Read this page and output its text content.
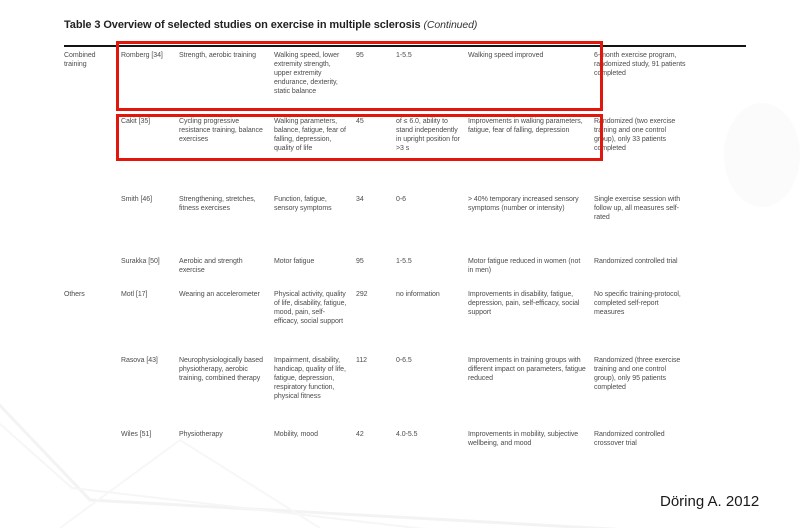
Table 3 Overview of selected studies on exercise in multiple sclerosis (Continued)
Combined training	Romberg [34]	Strength, aerobic training	Walking speed, lower extremity strength, upper extremity endurance, dexterity, static balance	95	1-5.5	Walking speed improved	6-month exercise program, randomized study, 91 patients completed
	Cakit [35]	Cycling progressive resistance training, balance exercises	Walking parameters, balance, fatigue, fear of falling, depression, quality of life	45	of ≤ 6.0, ability to stand independently in upright position for >3 s	Improvements in walking parameters, fatigue, fear of falling, depression	Randomized (two exercise training and one control group), only 33 patients completed
	Smith [46]	Strengthening, stretches, fitness exercises	Function, fatigue, sensory symptoms	34	0-6	> 40% temporary increased sensory symptoms (number or intensity)	Single exercise session with follow up, all measures self-rated
	Surakka [50]	Aerobic and strength exercise	Motor fatigue	95	1-5.5	Motor fatigue reduced in women (not in men)	Randomized controlled trial
Others	Motl [17]	Wearing an accelerometer	Physical activity, quality of life, disability, fatigue, mood, pain, self-efficacy, social support	292	no information	Improvements in disability, fatigue, depression, pain, self-efficacy, social support	No specific training-protocol, completed self-report measures
	Rasova [43]	Neurophysiologically based physiotherapy, aerobic training, combined therapy	Impairment, disability, handicap, quality of life, fatigue, depression, respiratory function, physical fitness	112	0-6.5	Improvements in training groups with different impact on parameters, fatigue reduced	Randomized (three exercise training and one control group), only 95 patients completed
	Wiles [51]	Physiotherapy	Mobility, mood	42	4.0-5.5	Improvements in mobility, subjective wellbeing, and mood	Randomized controlled crossover trial
Döring A. 2012
